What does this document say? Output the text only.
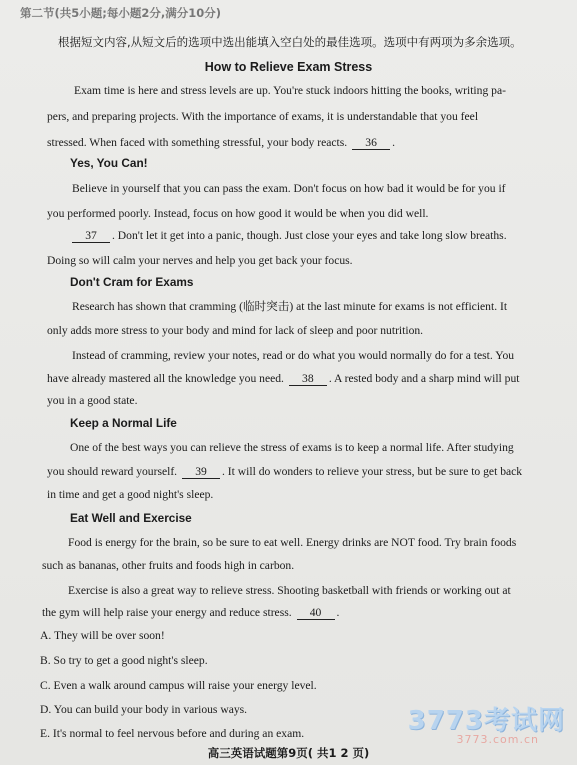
第二节(共5小题;每小题2分,满分10分)
根据短文内容,从短文后的选项中选出能填入空白处的最佳选项。选项中有两项为多余选项。
How to Relieve Exam Stress
Exam time is here and stress levels are up. You're stuck indoors hitting the books, writing pa-
pers, and preparing projects. With the importance of exams, it is understandable that you feel
stressed. When faced with something stressful, your body reacts. 36 .
Yes, You Can!
Believe in yourself that you can pass the exam. Don't focus on how bad it would be for you if
you performed poorly. Instead, focus on how good it would be when you did well.
37 . Don't let it get into a panic, though. Just close your eyes and take long slow breaths.
Doing so will calm your nerves and help you get back your focus.
Don't Cram for Exams
Research has shown that cramming (临时突击) at the last minute for exams is not efficient. It
only adds more stress to your body and mind for lack of sleep and poor nutrition.
Instead of cramming, review your notes, read or do what you would normally do for a test. You
have already mastered all the knowledge you need. 38 . A rested body and a sharp mind will put
you in a good state.
Keep a Normal Life
One of the best ways you can relieve the stress of exams is to keep a normal life. After studying
you should reward yourself. 39 . It will do wonders to relieve your stress, but be sure to get back
in time and get a good night's sleep.
Eat Well and Exercise
Food is energy for the brain, so be sure to eat well. Energy drinks are NOT food. Try brain foods
such as bananas, other fruits and foods high in carbon.
Exercise is also a great way to relieve stress. Shooting basketball with friends or working out at
the gym will help raise your energy and reduce stress. 40 .
A. They will be over soon!
B. So try to get a good night's sleep.
C. Even a walk around campus will raise your energy level.
D. You can build your body in various ways.
E. It's normal to feel nervous before and during an exam.
高三英语试题第9页( 共1 2 页)
3773考试网
3773.com.cn
